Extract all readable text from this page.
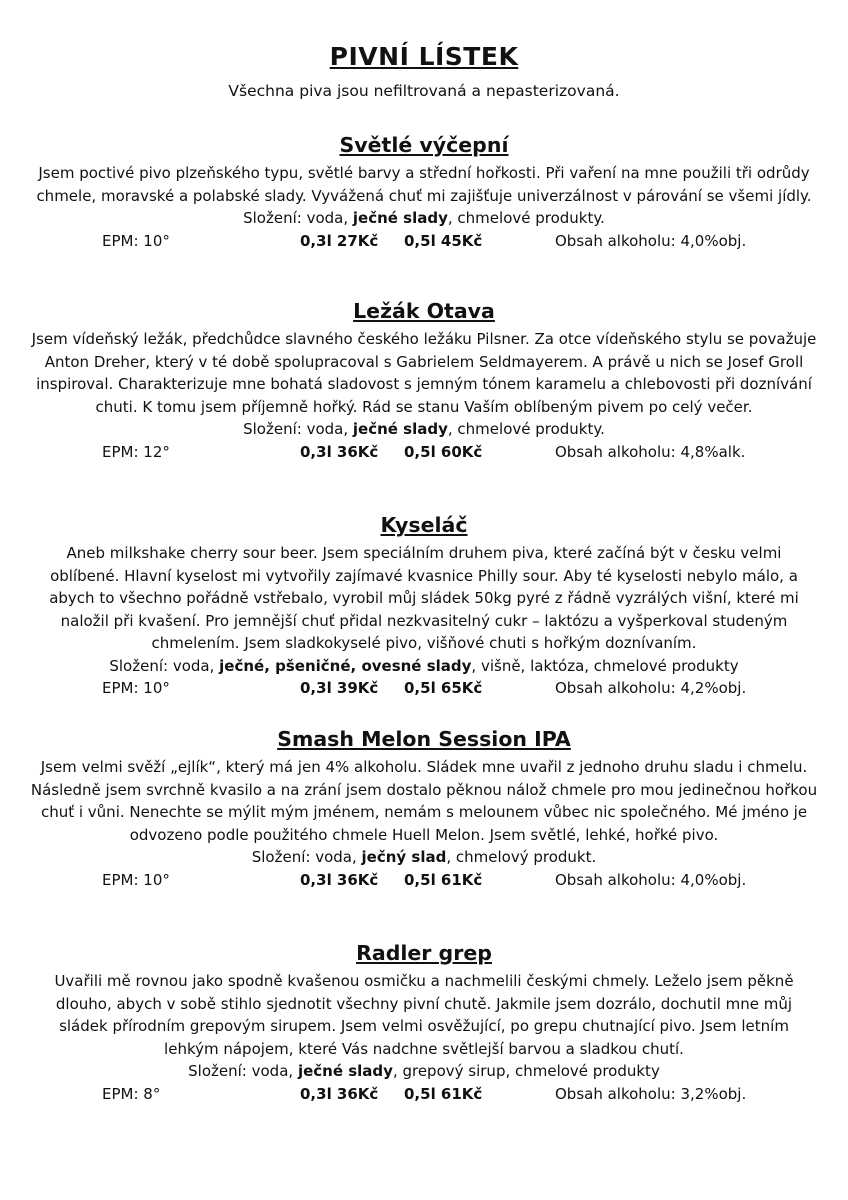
PIVNÍ LÍSTEK

Všechna piva jsou nefiltrovaná a nepasterizovaná.

Světlé výčepní

Jsem poctivé pivo plzeňského typu, světlé barvy a střední hořkosti. Při vaření na mne použili tři odrůdy chmele, moravské a polabské slady. Vyvážená chuť mi zajišťuje univerzálnost v párování se všemi jídly.

Složení: voda, ječné slady, chmelové produkty.

EPM: 10°	0,3l 27Kč 0,5l 45Kč	Obsah alkoholu: 4,0%obj.
Ležák Otava

Jsem vídeňský ležák, předchůdce slavného českého ležáku Pilsner. Za otce vídeňského stylu se považuje Anton Dreher, který v té době spolupracoval s Gabrielem Seldmayerem. A právě u nich se Josef Groll inspiroval. Charakterizuje mne bohatá sladovost s jemným tónem karamelu a chlebovosti při doznívání chuti. K tomu jsem příjemně hořký. Rád se stanu Vaším oblíbeným pivem po celý večer.

Složení: voda, ječné slady, chmelové produkty.

EPM: 12°	0,3l 36Kč 0,5l 60Kč	Obsah alkoholu: 4,8%alk.
Kyseláč

Aneb milkshake cherry sour beer. Jsem speciálním druhem piva, které začíná být v česku velmi oblíbené. Hlavní kyselost mi vytvořily zajímavé kvasnice Philly sour. Aby té kyselosti nebylo málo, a abych to všechno pořádně vstřebalo, vyrobil můj sládek 50kg pyré z řádně vyzrálých višní, které mi naložil při kvašení. Pro jemnější chuť přidal nezkvasitelný cukr – laktózu a vyšperkoval studeným chmelením. Jsem sladkokyselé pivo, višňové chuti s hořkým doznívaním.

Složení: voda, ječné, pšeničné, ovesné slady, višně, laktóza, chmelové produkty

EPM: 10°	0,3l 39Kč 0,5l 65Kč	Obsah alkoholu: 4,2%obj.
Smash Melon Session IPA

Jsem velmi svěží „ejlík“, který má jen 4% alkoholu. Sládek mne uvařil z jednoho druhu sladu i chmelu. Následně jsem svrchně kvasilo a na zrání jsem dostalo pěknou nálož chmele pro mou jedinečnou hořkou chuť i vůni. Nenechte se mýlit mým jménem, nemám s melounem vůbec nic společného. Mé jméno je odvozeno podle použitého chmele Huell Melon. Jsem světlé, lehké, hořké pivo.

Složení: voda, ječný slad, chmelový produkt.

EPM: 10°	0,3l 36Kč 0,5l 61Kč	Obsah alkoholu: 4,0%obj.
Radler grep

Uvařili mě rovnou jako spodně kvašenou osmičku a nachmelili českými chmely. Leželo jsem pěkně dlouho, abych v sobě stihlo sjednotit všechny pivní chutě. Jakmile jsem dozrálo, dochutil mne můj sládek přírodním grepovým sirupem. Jsem velmi osvěžující, po grepu chutnající pivo. Jsem letním lehkým nápojem, které Vás nadchne světlejší barvou a sladkou chutí.

Složení: voda, ječné slady, grepový sirup, chmelové produkty

EPM: 8°	0,3l 36Kč 0,5l 61Kč	Obsah alkoholu: 3,2%obj.
